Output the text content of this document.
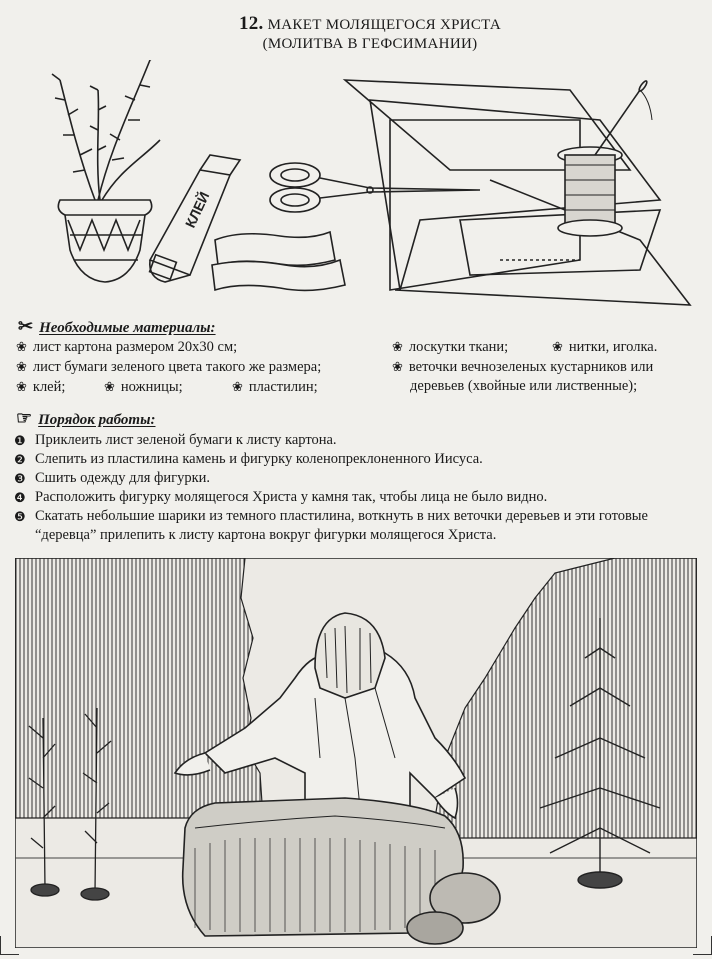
12. МАКЕТ МОЛЯЩЕГОСЯ ХРИСТА
(МОЛИТВА В ГЕФСИМАНИИ)
КЛЕЙ
✂ Необходимые материалы:
❀ лист картона размером 20х30 см;
❀ лист бумаги зеленого цвета такого же размера;
❀ клей;	❀ ножницы;	❀ пластилин;
❀ лоскутки ткани;	❀ нитки, иголка.
❀ веточки вечнозеленых кустарников или
деревьев (хвойные или лиственные);
☞ Порядок работы:
❶ Приклеить лист зеленой бумаги к листу картона.
❷ Слепить из пластилина камень и фигурку коленопреклоненного Иисуса.
❸ Сшить одежду для фигурки.
❹ Расположить фигурку молящегося Христа у камня так, чтобы лица не было видно.
❺ Скатать небольшие шарики из темного пластилина, воткнуть в них веточки деревьев и эти готовые “деревца” прилепить к листу картона вокруг фигурки молящегося Христа.
